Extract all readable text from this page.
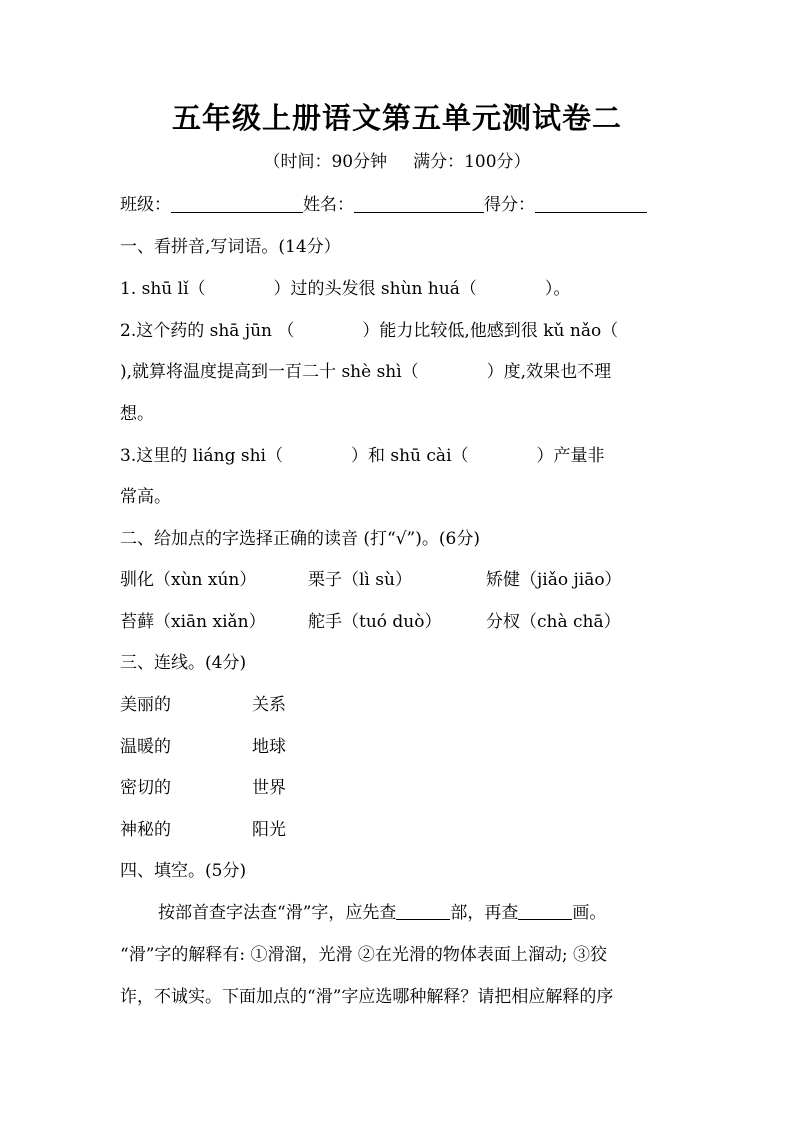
五年级上册语文第五单元测试卷二
（时间：90分钟 满分：100分）
班级：	姓名：	得分：
一、看拼音,写词语。(14分）
1. shū lǐ（　　　　）过的头发很 shùn huá（　　　　）。
2.这个药的 shā jūn （　　　　）能力比较低,他感到很 kǔ nǎo（
),就算将温度提高到一百二十 shè shì（　　　　）度,效果也不理
想。
3.这里的 liáng shi（　　　　）和 shū cài（　　　　）产量非
常高。
二、给加点的字选择正确的读音 (打“√”)。(6分)
驯化（xùn xún）	栗子（lì sù）	矫健（jiǎo jiāo）
苔藓（xiān xiǎn） 舵手（tuó duò）	分杈（chà chā）
三、连线。(4分)
美丽的	关系
温暖的	地球
密切的	世界
神秘的	阳光
四、填空。(5分)
按部首查字法查“滑”字，应先查	部，再查	画。
“滑”字的解释有: ①滑溜，光滑 ②在光滑的物体表面上溜动; ③狡
诈，不诚实。下面加点的“滑”字应选哪种解释？请把相应解释的序
